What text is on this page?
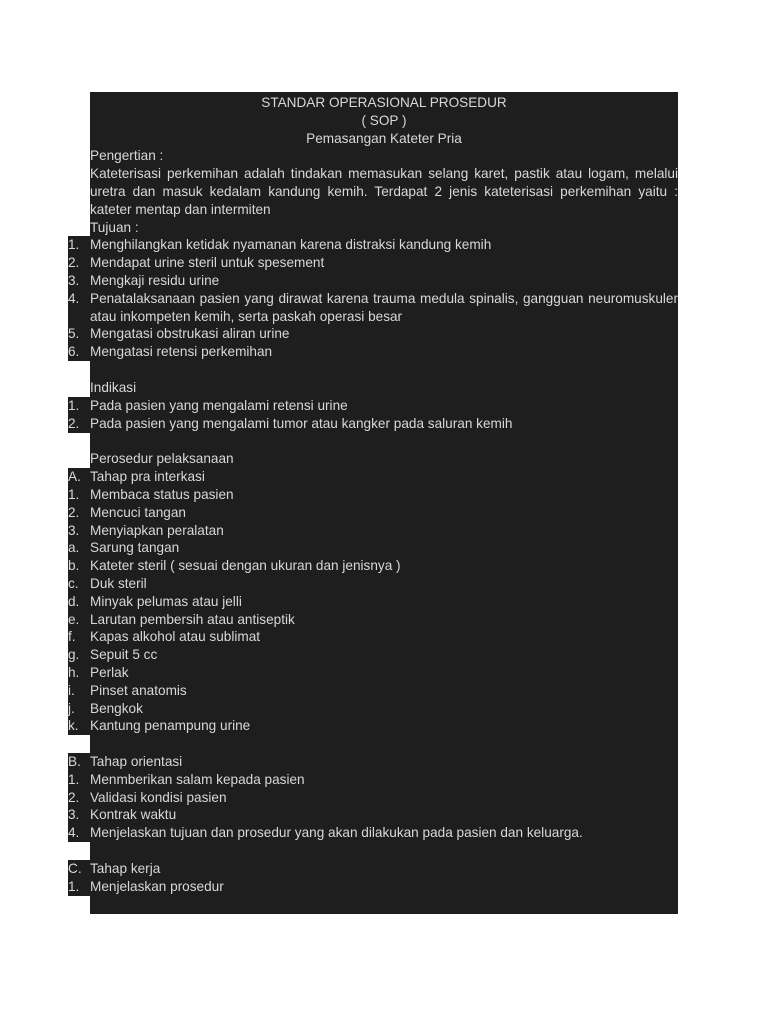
STANDAR OPERASIONAL PROSEDUR
( SOP )
Pemasangan Kateter Pria
Pengertian :
Kateterisasi perkemihan adalah tindakan memasukan selang karet, pastik atau logam, melalui uretra dan masuk kedalam kandung kemih. Terdapat 2 jenis kateterisasi perkemihan yaitu : kateter mentap dan intermiten
Tujuan :
1. Menghilangkan ketidak nyamanan karena distraksi kandung kemih
2. Mendapat urine steril untuk spesement
3. Mengkaji residu urine
4. Penatalaksanaan pasien yang dirawat karena trauma medula spinalis, gangguan neuromuskuler atau inkompeten kemih, serta paskah operasi besar
5. Mengatasi obstrukasi aliran urine
6. Mengatasi retensi perkemihan
Indikasi
1. Pada pasien yang mengalami retensi urine
2. Pada pasien yang mengalami tumor atau kangker pada saluran kemih
Perosedur pelaksanaan
A. Tahap pra interkasi
1. Membaca status pasien
2. Mencuci tangan
3. Menyiapkan peralatan
a. Sarung tangan
b. Kateter steril ( sesuai dengan ukuran dan jenisnya )
c. Duk steril
d. Minyak pelumas atau jelli
e. Larutan pembersih atau antiseptik
f.	Kapas alkohol atau sublimat
g. Sepuit 5 cc
h. Perlak
i.	Pinset anatomis
j.	Bengkok
k. Kantung penampung urine
B. Tahap orientasi
1. Menmberikan salam kepada pasien
2. Validasi kondisi pasien
3. Kontrak waktu
4. Menjelaskan tujuan dan prosedur yang akan dilakukan pada pasien dan keluarga.
C. Tahap kerja
1. Menjelaskan prosedur
